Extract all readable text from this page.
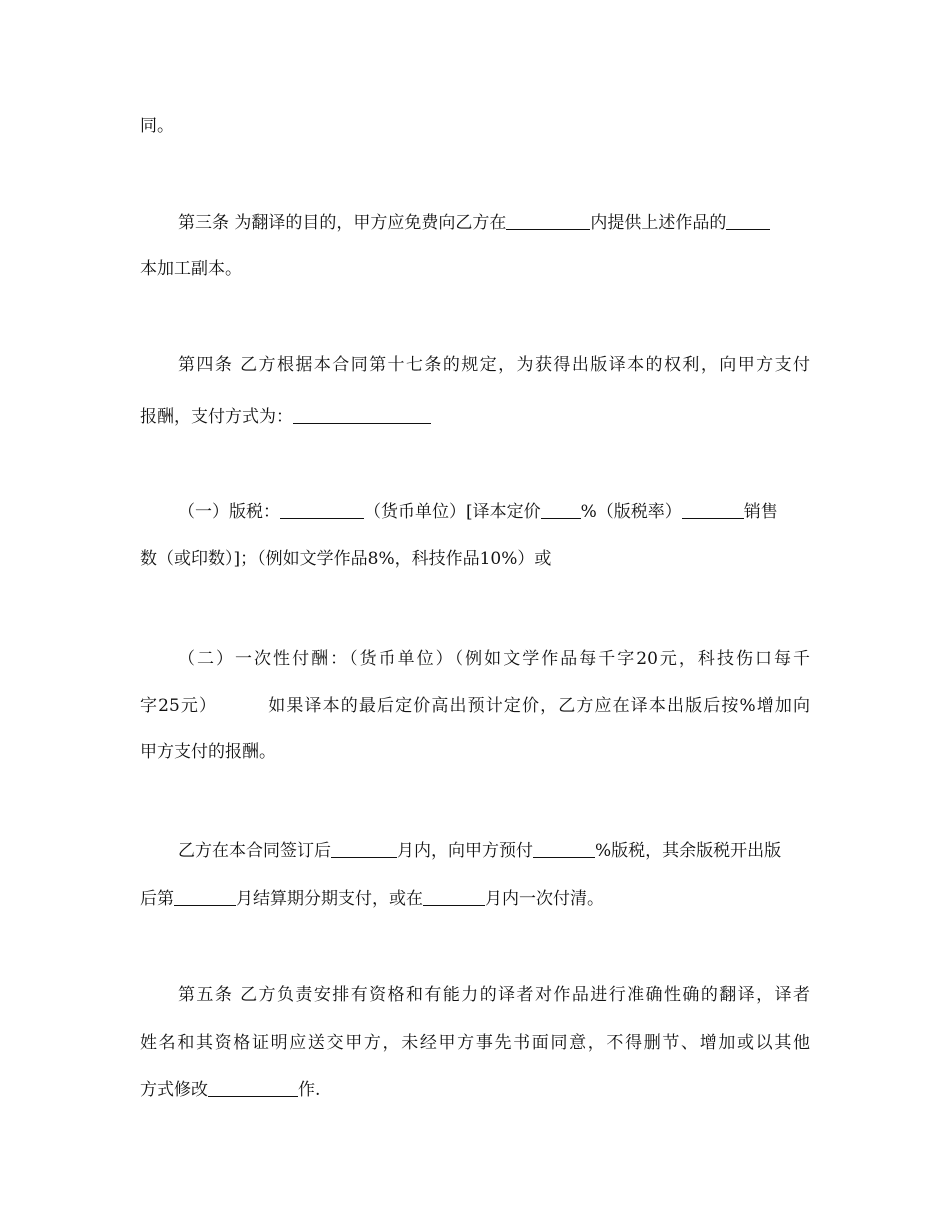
同。
第三条 为翻译的目的，甲方应免费向乙方在	内提供上述作品的
本加工副本。
第四条 乙方根据本合同第十七条的规定，为获得出版译本的权利，向甲方支付
报酬，支付方式为：
（一）版税：	（货币单位）[译本定价 %（版税率）	销售
数（或印数）]；（例如文学作品8%，科技作品10%）或
（二）一次性付酬：（货币单位）（例如文学作品每千字20元，科技伤口每千
字25元）	如果译本的最后定价高出预计定价，乙方应在译本出版后按%增加向
甲方支付的报酬。
乙方在本合同签订后	月内，向甲方预付	%版税，其余版税开出版
后第	月结算期分期支付，或在	月内一次付清。
第五条 乙方负责安排有资格和有能力的译者对作品进行准确性确的翻译，译者
姓名和其资格证明应送交甲方，未经甲方事先书面同意，不得删节、增加或以其他
方式修改	作.
